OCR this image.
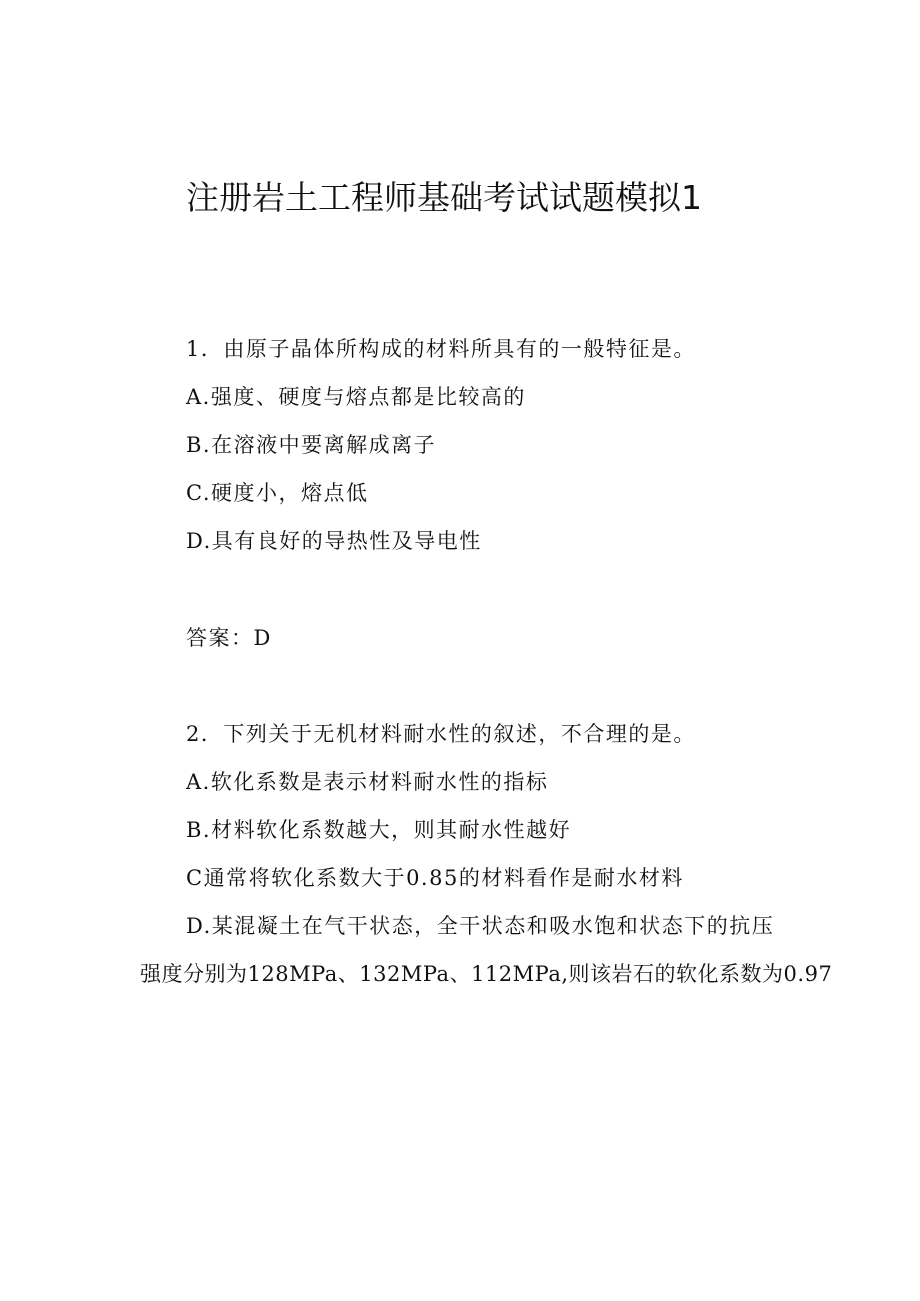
注册岩土工程师基础考试试题模拟1

1．由原子晶体所构成的材料所具有的一般特征是。

A.强度、硬度与熔点都是比较高的

B.在溶液中要离解成离子

C.硬度小，熔点低

D.具有良好的导热性及导电性

答案：D

2．下列关于无机材料耐水性的叙述，不合理的是。

A.软化系数是表示材料耐水性的指标

B.材料软化系数越大，则其耐水性越好

C通常将软化系数大于0.85的材料看作是耐水材料

D.某混凝土在气干状态，全干状态和吸水饱和状态下的抗压

强度分别为128MPa、132MPa、112MPa,则该岩石的软化系数为0.97
